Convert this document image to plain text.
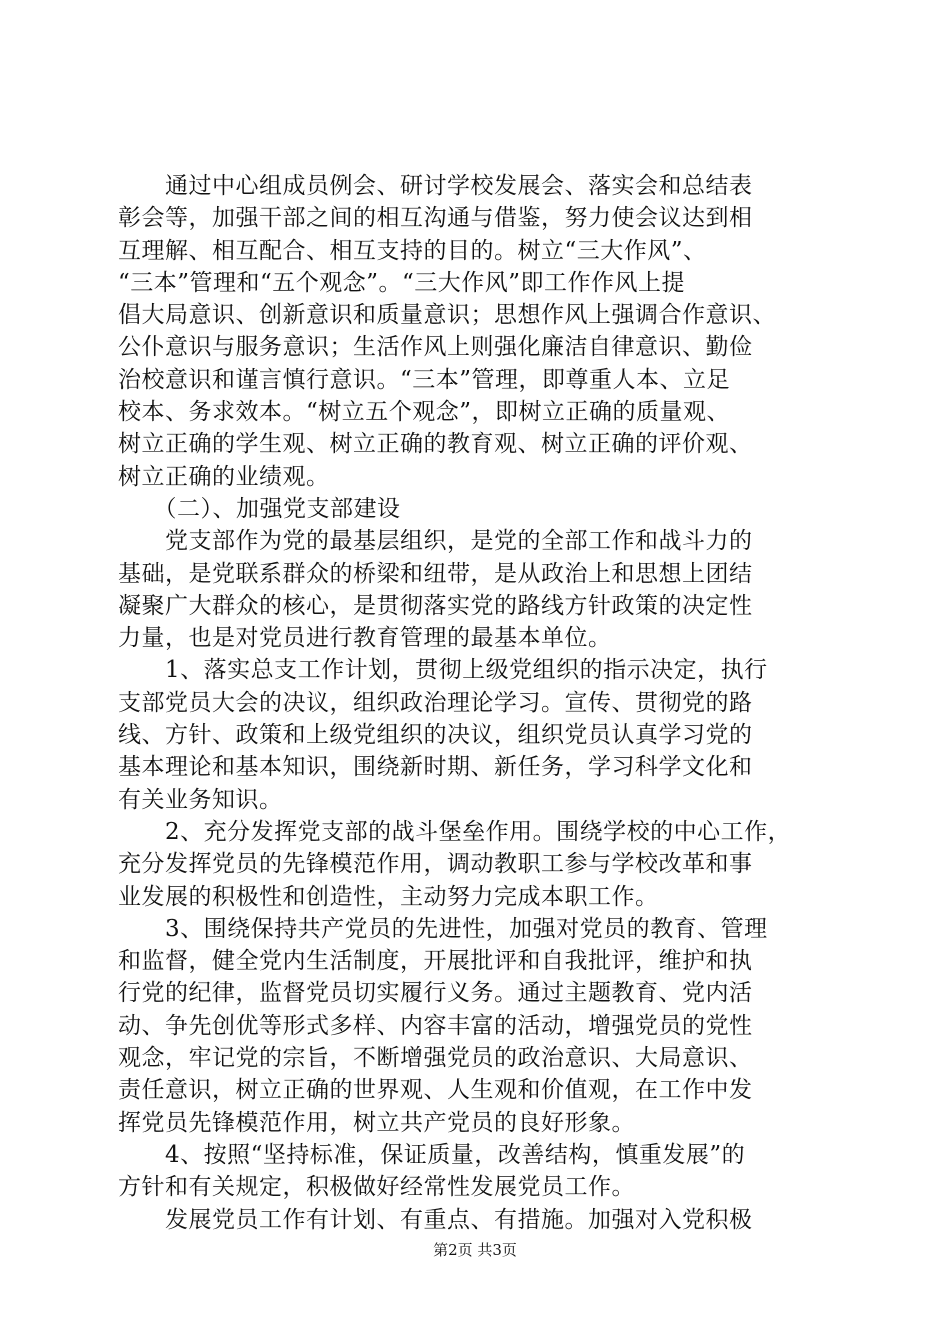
　　通过中心组成员例会、研讨学校发展会、落实会和总结表
彰会等，加强干部之间的相互沟通与借鉴，努力使会议达到相
互理解、相互配合、相互支持的目的。树立“三大作风”、
“三本”管理和“五个观念”。“三大作风”即工作作风上提
倡大局意识、创新意识和质量意识；思想作风上强调合作意识、
公仆意识与服务意识；生活作风上则强化廉洁自律意识、勤俭
治校意识和谨言慎行意识。“三本”管理，即尊重人本、立足
校本、务求效本。“树立五个观念”，即树立正确的质量观、
树立正确的学生观、树立正确的教育观、树立正确的评价观、
树立正确的业绩观。
　　（二）、加强党支部建设
　　党支部作为党的最基层组织，是党的全部工作和战斗力的
基础，是党联系群众的桥梁和纽带，是从政治上和思想上团结
凝聚广大群众的核心，是贯彻落实党的路线方针政策的决定性
力量，也是对党员进行教育管理的最基本单位。
　　1、落实总支工作计划，贯彻上级党组织的指示决定，执行
支部党员大会的决议，组织政治理论学习。宣传、贯彻党的路
线、方针、政策和上级党组织的决议，组织党员认真学习党的
基本理论和基本知识，围绕新时期、新任务，学习科学文化和
有关业务知识。
　　2、充分发挥党支部的战斗堡垒作用。围绕学校的中心工作，
充分发挥党员的先锋模范作用，调动教职工参与学校改革和事
业发展的积极性和创造性，主动努力完成本职工作。
　　3、围绕保持共产党员的先进性，加强对党员的教育、管理
和监督，健全党内生活制度，开展批评和自我批评，维护和执
行党的纪律，监督党员切实履行义务。通过主题教育、党内活
动、争先创优等形式多样、内容丰富的活动，增强党员的党性
观念，牢记党的宗旨，不断增强党员的政治意识、大局意识、
责任意识，树立正确的世界观、人生观和价值观，在工作中发
挥党员先锋模范作用，树立共产党员的良好形象。
　　4、按照“坚持标准，保证质量，改善结构，慎重发展”的
方针和有关规定，积极做好经常性发展党员工作。
　　发展党员工作有计划、有重点、有措施。加强对入党积极
第2页 共3页
